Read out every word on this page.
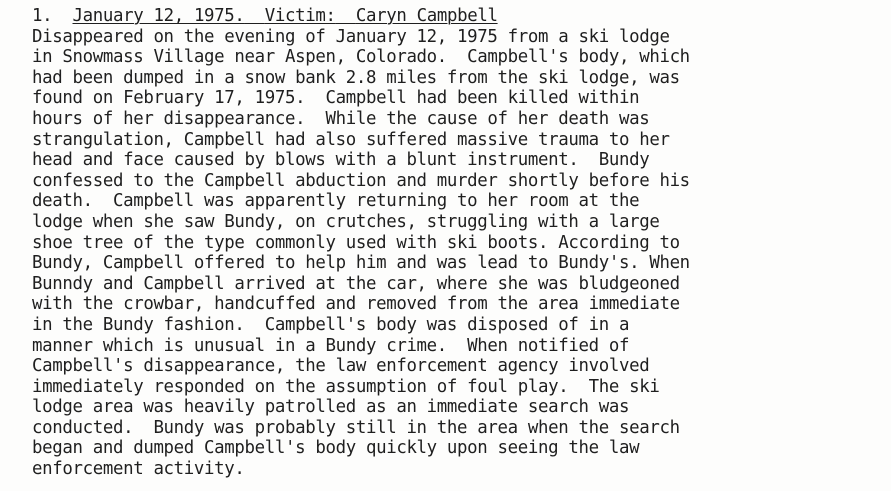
1. January 12, 1975. Victim: Caryn Campbell
Disappeared on the evening of January 12, 1975 from a ski lodge
in Snowmass Village near Aspen, Colorado.  Campbell's body, which
had been dumped in a snow bank 2.8 miles from the ski lodge, was
found on February 17, 1975.  Campbell had been killed within
hours of her disappearance.  While the cause of her death was
strangulation, Campbell had also suffered massive trauma to her
head and face caused by blows with a blunt instrument.  Bundy
confessed to the Campbell abduction and murder shortly before his
death.  Campbell was apparently returning to her room at the
lodge when she saw Bundy, on crutches, struggling with a large
shoe tree of the type commonly used with ski boots. According to
Bundy, Campbell offered to help him and was lead to Bundy's. When
Bunndy and Campbell arrived at the car, where she was bludgeoned
with the crowbar, handcuffed and removed from the area immediate
in the Bundy fashion.  Campbell's body was disposed of in a
manner which is unusual in a Bundy crime.  When notified of
Campbell's disappearance, the law enforcement agency involved
immediately responded on the assumption of foul play.  The ski
lodge area was heavily patrolled as an immediate search was
conducted.  Bundy was probably still in the area when the search
began and dumped Campbell's body quickly upon seeing the law
enforcement activity.
